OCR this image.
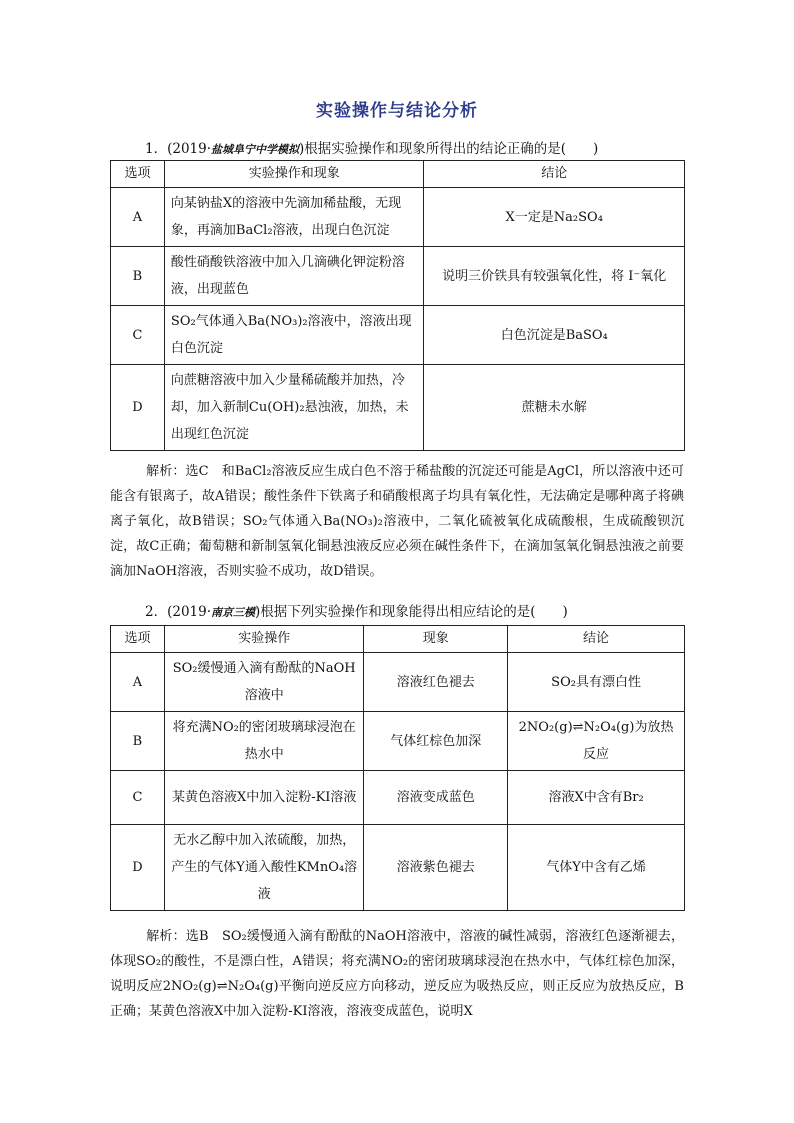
实验操作与结论分析
1．(2019·盐城阜宁中学模拟)根据实验操作和现象所得出的结论正确的是(　　)
选项	实验操作和现象	结论
A	向某钠盐X的溶液中先滴加稀盐酸，无现象，再滴加BaCl₂溶液，出现白色沉淀	X一定是Na₂SO₄
B	酸性硝酸铁溶液中加入几滴碘化钾淀粉溶液，出现蓝色	说明三价铁具有较强氧化性，将 I⁻氧化
C	SO₂气体通入Ba(NO₃)₂溶液中，溶液出现白色沉淀	白色沉淀是BaSO₄
D	向蔗糖溶液中加入少量稀硫酸并加热，冷却，加入新制Cu(OH)₂悬浊液，加热，未出现红色沉淀	蔗糖未水解
解析：选C　和BaCl₂溶液反应生成白色不溶于稀盐酸的沉淀还可能是AgCl，所以溶液中还可能含有银离子，故A错误；酸性条件下铁离子和硝酸根离子均具有氧化性，无法确定是哪种离子将碘离子氧化，故B错误；SO₂气体通入Ba(NO₃)₂溶液中，二氧化硫被氧化成硫酸根，生成硫酸钡沉淀，故C正确；葡萄糖和新制氢氧化铜悬浊液反应必须在碱性条件下，在滴加氢氧化铜悬浊液之前要滴加NaOH溶液，否则实验不成功，故D错误。
2．(2019·南京三模)根据下列实验操作和现象能得出相应结论的是(　　)
选项	实验操作	现象	结论
A	SO₂缓慢通入滴有酚酞的NaOH溶液中	溶液红色褪去	SO₂具有漂白性
B	将充满NO₂的密闭玻璃球浸泡在热水中	气体红棕色加深	2NO₂(g)⇌N₂O₄(g)为放热反应
C	某黄色溶液X中加入淀粉-KI溶液	溶液变成蓝色	溶液X中含有Br₂
D	无水乙醇中加入浓硫酸，加热，产生的气体Y通入酸性KMnO₄溶液	溶液紫色褪去	气体Y中含有乙烯
解析：选B　SO₂缓慢通入滴有酚酞的NaOH溶液中，溶液的碱性减弱，溶液红色逐渐褪去，体现SO₂的酸性，不是漂白性，A错误；将充满NO₂的密闭玻璃球浸泡在热水中，气体红棕色加深，说明反应2NO₂(g)⇌N₂O₄(g)平衡向逆反应方向移动，逆反应为吸热反应，则正反应为放热反应，B正确；某黄色溶液X中加入淀粉-KI溶液，溶液变成蓝色，说明X
